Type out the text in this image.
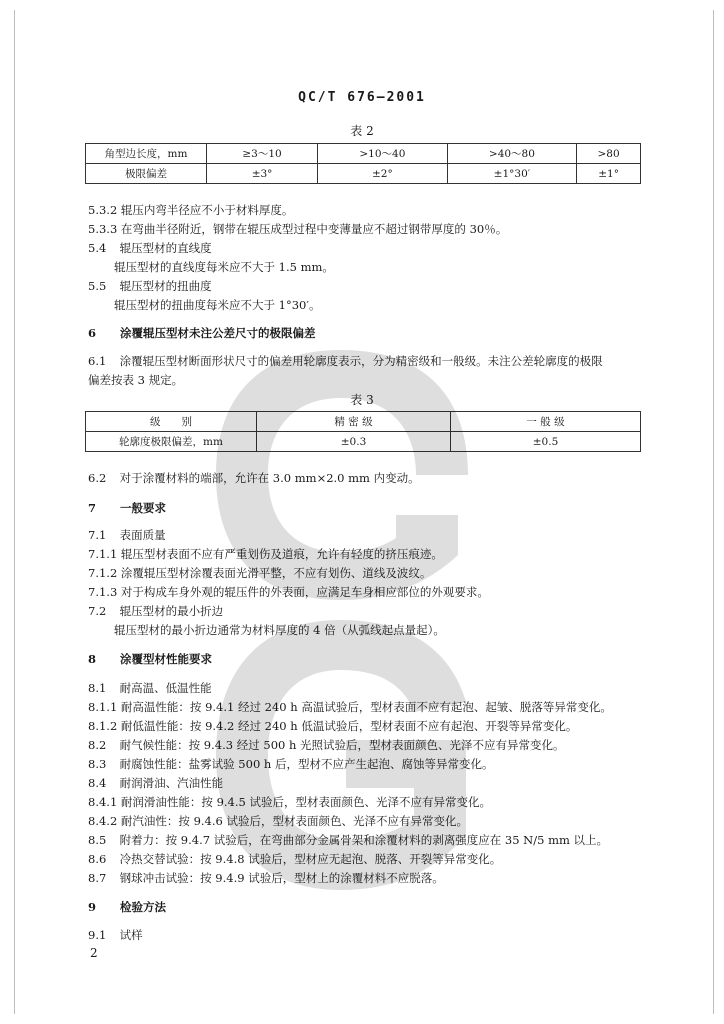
QC/T 676—2001
表 2
角型边长度，mm	≥3～10	>10～40	>40～80	>80
极限偏差	±3°	±2°	±1°30′	±1°
5.3.2 辊压内弯半径应不小于材料厚度。
5.3.3 在弯曲半径附近，钢带在辊压成型过程中变薄量应不超过钢带厚度的 30％。
5.4 辊压型材的直线度
辊压型材的直线度每米应不大于 1.5 mm。
5.5 辊压型材的扭曲度
辊压型材的扭曲度每米应不大于 1°30′。
6 涂覆辊压型材未注公差尺寸的极限偏差
6.1 涂覆辊压型材断面形状尺寸的偏差用轮廓度表示，分为精密级和一般级。未注公差轮廓度的极限
偏差按表 3 规定。
表 3
级　　别	精 密 级	一 般 级
轮廓度极限偏差，mm	±0.3	±0.5
6.2 对于涂覆材料的端部，允许在 3.0 mm×2.0 mm 内变动。
7 一般要求
7.1 表面质量
7.1.1 辊压型材表面不应有严重划伤及道痕，允许有轻度的挤压痕迹。
7.1.2 涂覆辊压型材涂覆表面光滑平整，不应有划伤、道线及波纹。
7.1.3 对于构成车身外观的辊压件的外表面，应满足车身相应部位的外观要求。
7.2 辊压型材的最小折边
辊压型材的最小折边通常为材料厚度的 4 倍（从弧线起点量起）。
8 涂覆型材性能要求
8.1 耐高温、低温性能
8.1.1 耐高温性能：按 9.4.1 经过 240 h 高温试验后，型材表面不应有起泡、起皱、脱落等异常变化。
8.1.2 耐低温性能：按 9.4.2 经过 240 h 低温试验后，型材表面不应有起泡、开裂等异常变化。
8.2 耐气候性能：按 9.4.3 经过 500 h 光照试验后，型材表面颜色、光泽不应有异常变化。
8.3 耐腐蚀性能：盐雾试验 500 h 后，型材不应产生起泡、腐蚀等异常变化。
8.4 耐润滑油、汽油性能
8.4.1 耐润滑油性能：按 9.4.5 试验后，型材表面颜色、光泽不应有异常变化。
8.4.2 耐汽油性：按 9.4.6 试验后，型材表面颜色、光泽不应有异常变化。
8.5 附着力：按 9.4.7 试验后，在弯曲部分金属骨架和涂覆材料的剥离强度应在 35 N/5 mm 以上。
8.6 冷热交替试验：按 9.4.8 试验后，型材应无起泡、脱落、开裂等异常变化。
8.7 钢球冲击试验：按 9.4.9 试验后，型材上的涂覆材料不应脱落。
9 检验方法
9.1 试样
2
